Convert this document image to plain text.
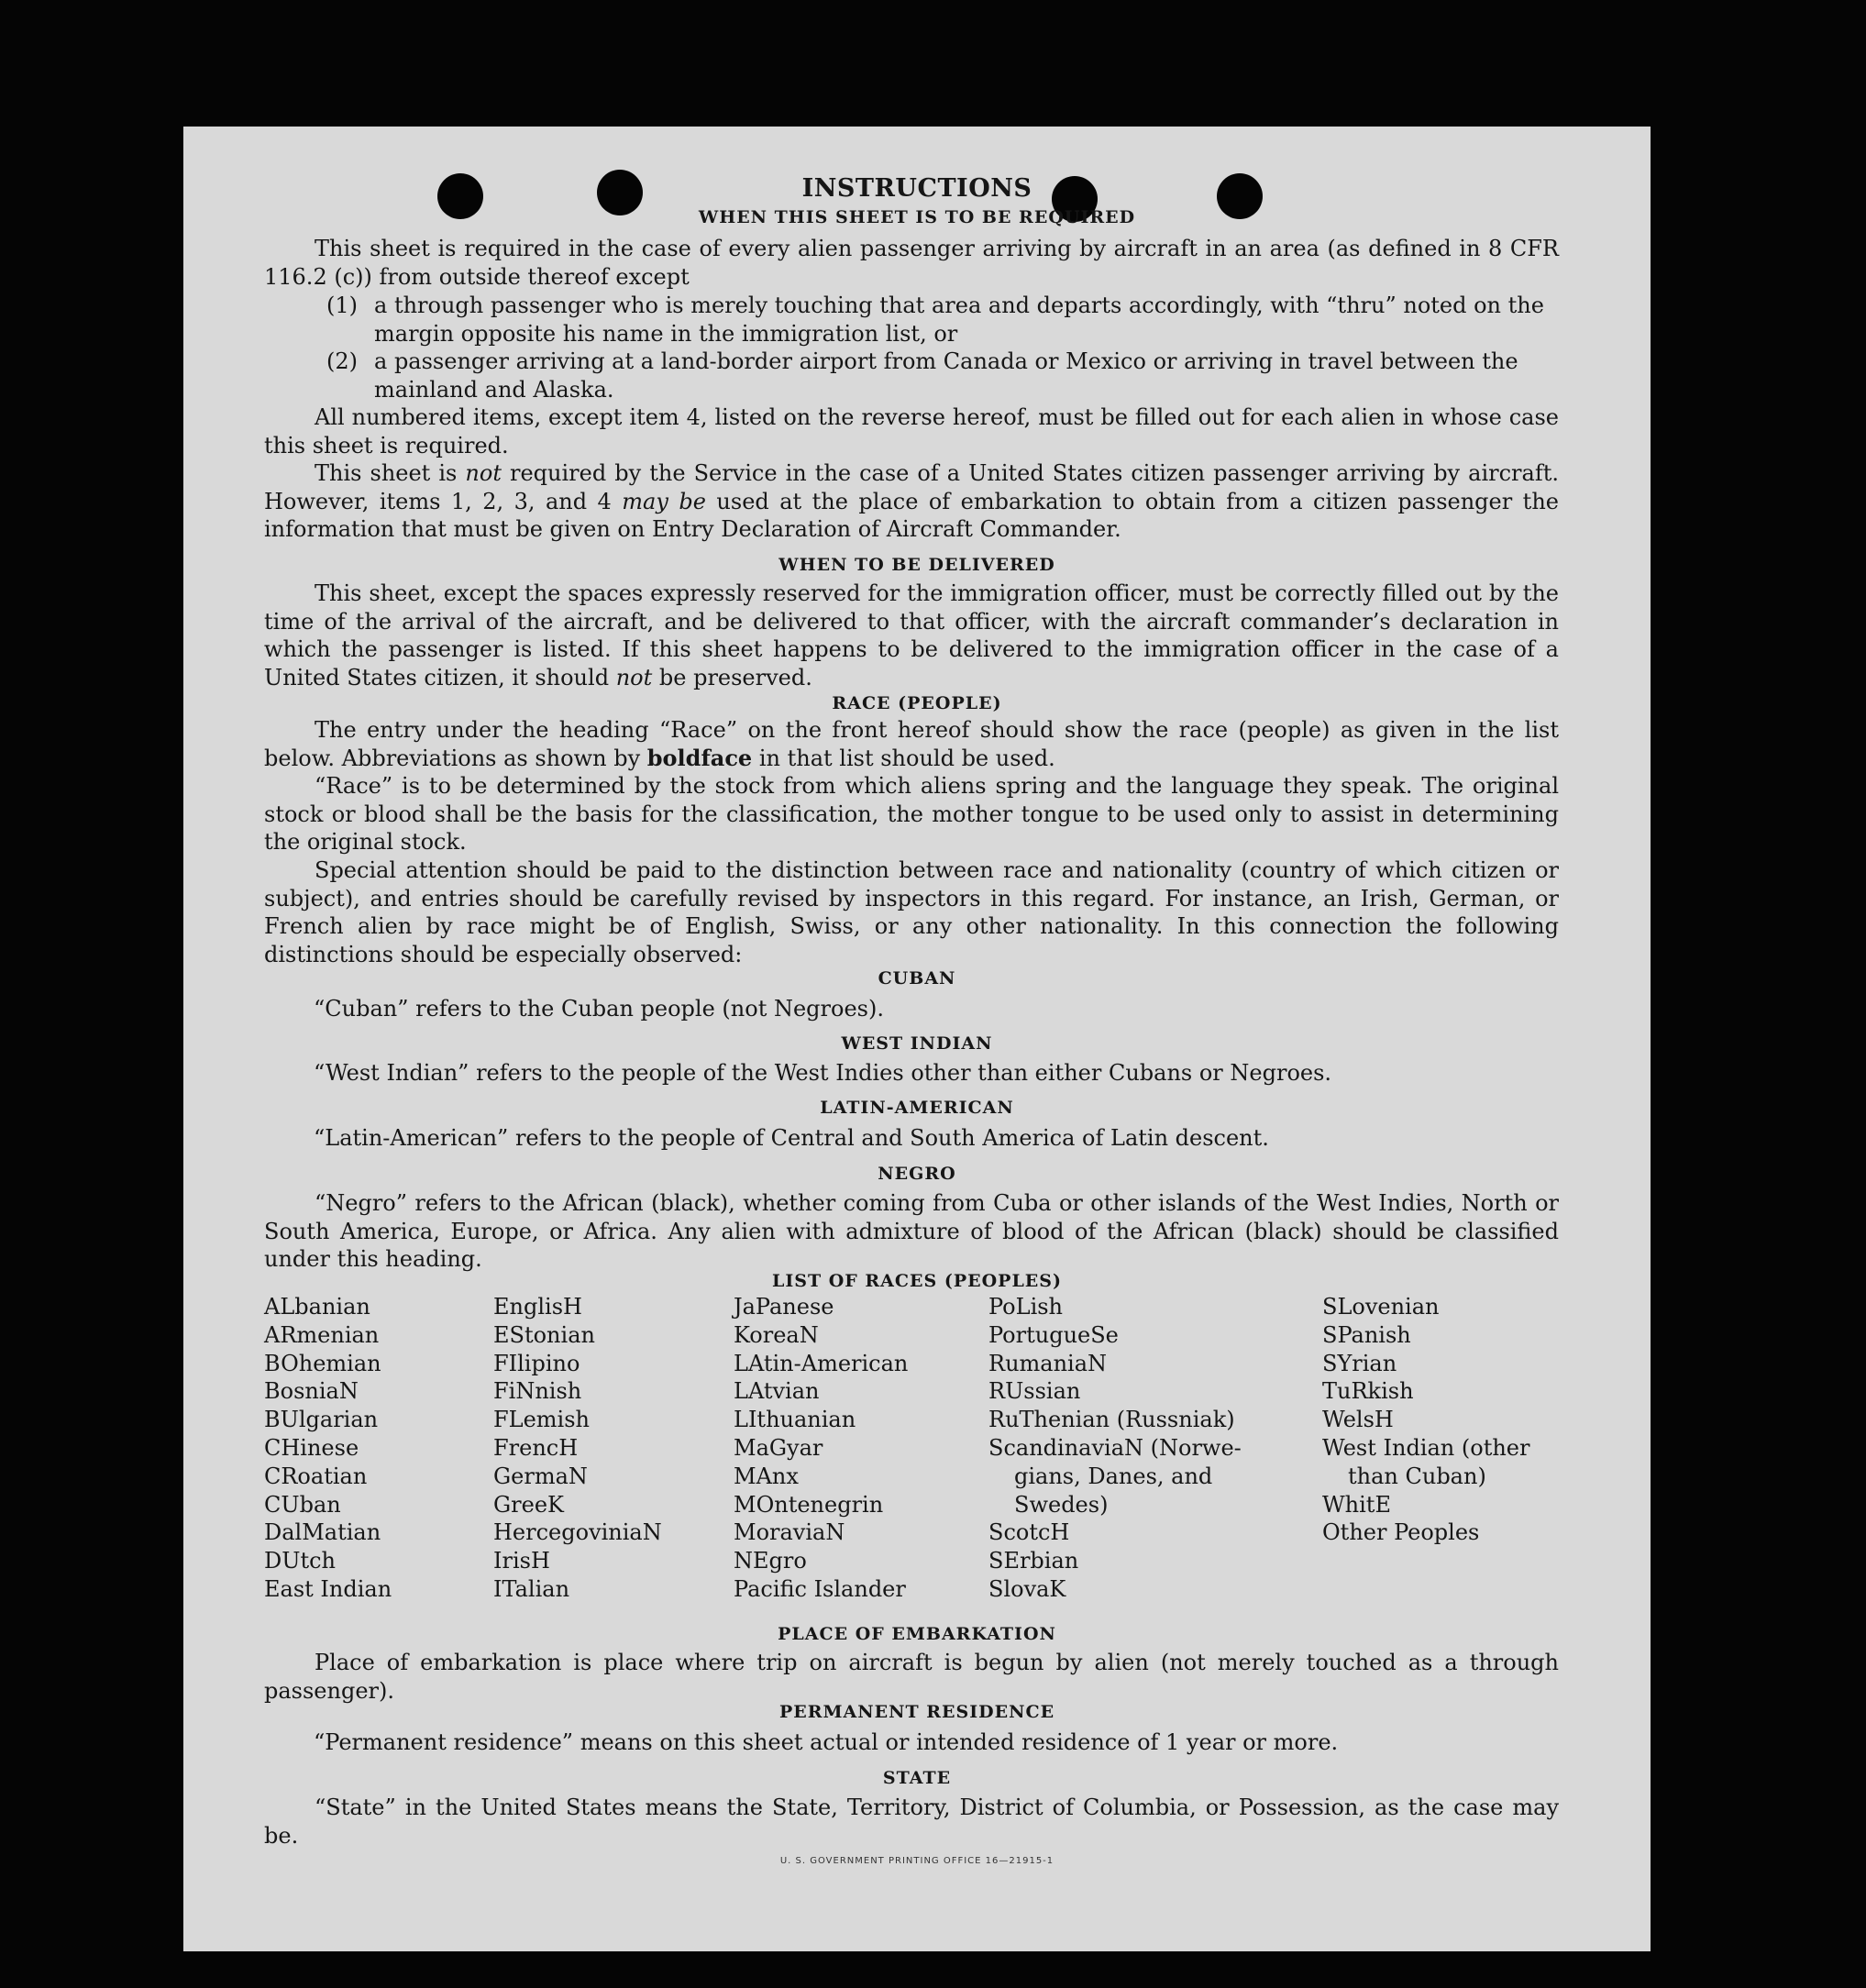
INSTRUCTIONS
WHEN THIS SHEET IS TO BE REQUIRED
This sheet is required in the case of every alien passenger arriving by aircraft in an area (as defined in 8 CFR 116.2 (c)) from outside thereof except
(1) a through passenger who is merely touching that area and departs accordingly, with “thru” noted on the margin opposite his name in the immigration list, or
(2) a passenger arriving at a land-border airport from Canada or Mexico or arriving in travel between the mainland and Alaska.
All numbered items, except item 4, listed on the reverse hereof, must be filled out for each alien in whose case this sheet is required.
This sheet is not required by the Service in the case of a United States citizen passenger arriving by aircraft. However, items 1, 2, 3, and 4 may be used at the place of embarkation to obtain from a citizen passenger the information that must be given on Entry Declaration of Aircraft Commander.
WHEN TO BE DELIVERED
This sheet, except the spaces expressly reserved for the immigration officer, must be correctly filled out by the time of the arrival of the aircraft, and be delivered to that officer, with the aircraft commander’s declaration in which the passenger is listed. If this sheet happens to be delivered to the immigration officer in the case of a United States citizen, it should not be preserved.
RACE (PEOPLE)
The entry under the heading “Race” on the front hereof should show the race (people) as given in the list below. Abbreviations as shown by boldface in that list should be used.
“Race” is to be determined by the stock from which aliens spring and the language they speak. The original stock or blood shall be the basis for the classification, the mother tongue to be used only to assist in determining the original stock.
Special attention should be paid to the distinction between race and nationality (country of which citizen or subject), and entries should be carefully revised by inspectors in this regard. For instance, an Irish, German, or French alien by race might be of English, Swiss, or any other nationality. In this connection the following distinctions should be especially observed:
CUBAN
“Cuban” refers to the Cuban people (not Negroes).
WEST INDIAN
“West Indian” refers to the people of the West Indies other than either Cubans or Negroes.
LATIN-AMERICAN
“Latin-American” refers to the people of Central and South America of Latin descent.
NEGRO
“Negro” refers to the African (black), whether coming from Cuba or other islands of the West Indies, North or South America, Europe, or Africa. Any alien with admixture of blood of the African (black) should be classified under this heading.
LIST OF RACES (PEOPLES)
ALbanian
ARmenian
BOhemian
BosniaN
BUlgarian
CHinese
CRoatian
CUban
DalMatian
DUtch
East Indian
EnglisH
EStonian
FIlipino
FiNnish
FLemish
FrencH
GermaN
GreeK
HercegoviniaN
IrisH
ITalian
JaPanese
KoreaN
LAtin-American
LAtvian
LIthuanian
MaGyar
MAnx
MOntenegrin
MoraviaN
NEgro
Pacific Islander
PoLish
PortugueSe
RumaniaN
RUssian
RuThenian (Russniak)
ScandinaviaN (Norwe-
gians, Danes, and
Swedes)
ScotcH
SErbian
SlovaK
SLovenian
SPanish
SYrian
TuRkish
WelsH
West Indian (other
than Cuban)
WhitE
Other Peoples
PLACE OF EMBARKATION
Place of embarkation is place where trip on aircraft is begun by alien (not merely touched as a through passenger).
PERMANENT RESIDENCE
“Permanent residence” means on this sheet actual or intended residence of 1 year or more.
STATE
“State” in the United States means the State, Territory, District of Columbia, or Possession, as the case may be.
U. S. GOVERNMENT PRINTING OFFICE 16—21915-1
